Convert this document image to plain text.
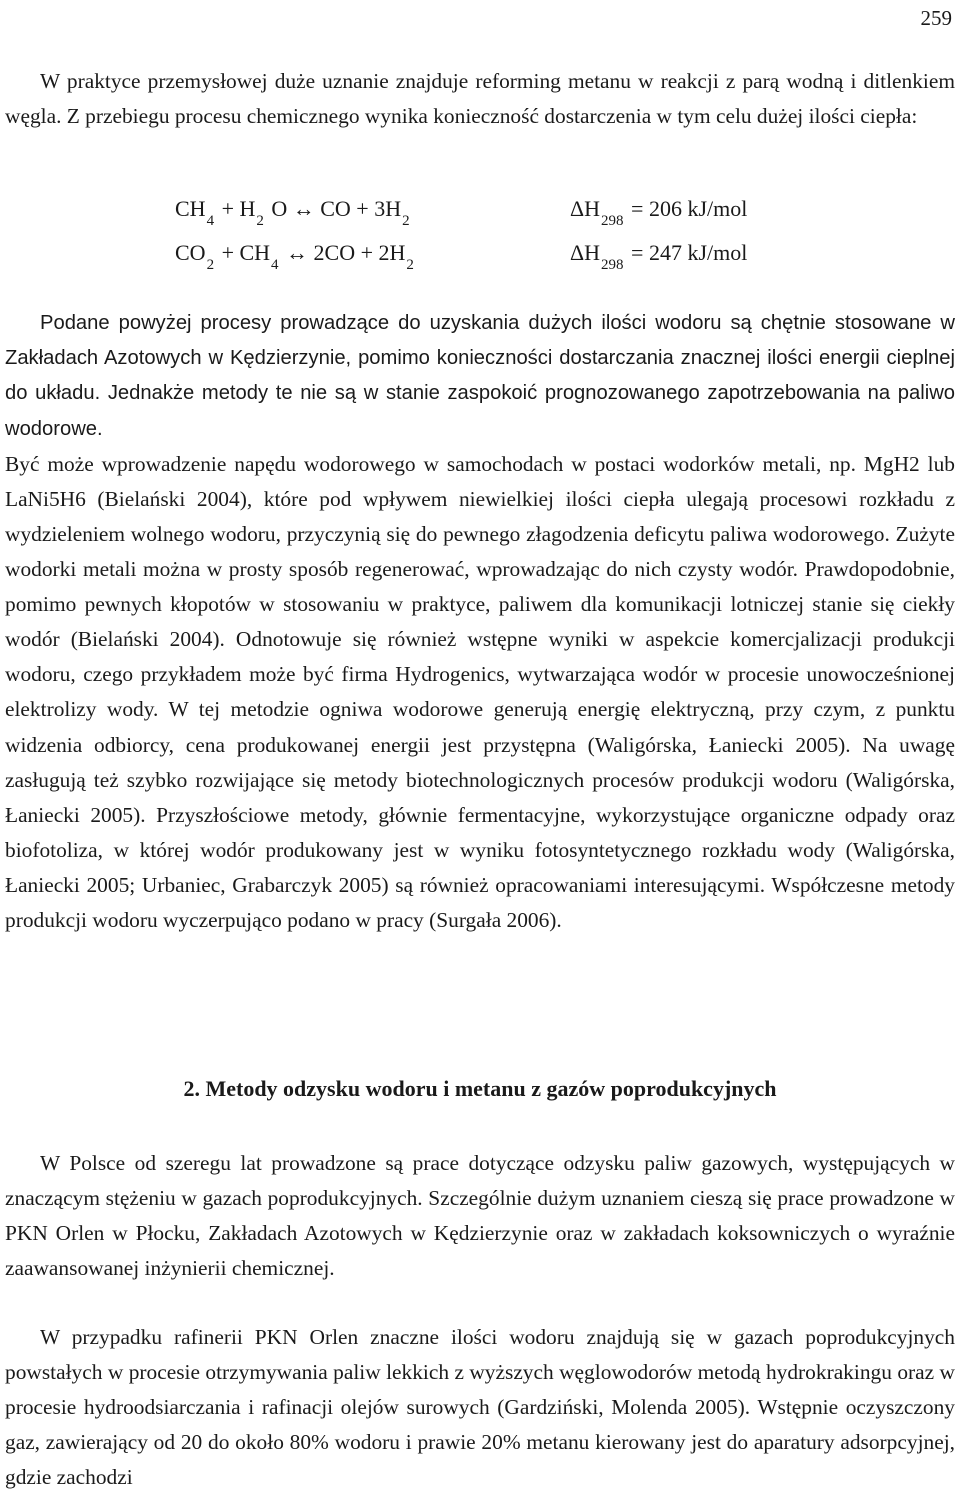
259

W praktyce przemysłowej duże uznanie znajduje reforming metanu w reakcji z parą wodną i ditlenkiem węgla. Z przebiegu procesu chemicznego wynika konieczność dostarczenia w tym celu dużej ilości ciepła:

$CH_4 + H_2$ O ↔ CO + $3H_2$	$\Delta H_{298} = 206$ kJ/mol
$CO_2 + CH_4$ ↔ $2CO + 2H_2$	$\Delta H_{298} = 247$ kJ/mol

Podane powyżej procesy prowadzące do uzyskania dużych ilości wodoru są chętnie stosowane w Zakładach Azotowych w Kędzierzynie, pomimo konieczności dostarczania znacznej ilości energii cieplnej do układu. Jednakże metody te nie są w stanie zaspokoić prognozowanego zapotrzebowania na paliwo wodorowe.

Być może wprowadzenie napędu wodorowego w samochodach w postaci wodorków metali, np. MgH2 lub LaNi5H6 (Bielański 2004), które pod wpływem niewielkiej ilości ciepła ulegają procesowi rozkładu z wydzieleniem wolnego wodoru, przyczynią się do pewnego złagodzenia deficytu paliwa wodorowego. Zużyte wodorki metali można w prosty sposób regenerować, wprowadzając do nich czysty wodór. Prawdopodobnie, pomimo pewnych kłopotów w stosowaniu w praktyce, paliwem dla komunikacji lotniczej stanie się ciekły wodór (Bielański 2004). Odnotowuje się również wstępne wyniki w aspekcie komercjalizacji produkcji wodoru, czego przykładem może być firma Hydrogenics, wytwarzająca wodór w procesie unowocześnionej elektrolizy wody. W tej metodzie ogniwa wodorowe generują energię elektryczną, przy czym, z punktu widzenia odbiorcy, cena produkowanej energii jest przystępna (Waligórska, Łaniecki 2005). Na uwagę zasługują też szybko rozwijające się metody biotechnologicznych procesów produkcji wodoru (Waligórska, Łaniecki 2005). Przyszłościowe metody, głównie fermentacyjne, wykorzystujące organiczne odpady oraz biofotoliza, w której wodór produkowany jest w wyniku fotosyntetycznego rozkładu wody (Waligórska, Łaniecki 2005; Urbaniec, Grabarczyk 2005) są również opracowaniami interesującymi. Współczesne metody produkcji wodoru wyczerpująco podano w pracy (Surgała 2006).

2. Metody odzysku wodoru i metanu z gazów poprodukcyjnych

W Polsce od szeregu lat prowadzone są prace dotyczące odzysku paliw gazowych, występujących w znaczącym stężeniu w gazach poprodukcyjnych. Szczególnie dużym uznaniem cieszą się prace prowadzone w PKN Orlen w Płocku, Zakładach Azotowych w Kędzierzynie oraz w zakładach koksowniczych o wyraźnie zaawansowanej inżynierii chemicznej.

W przypadku rafinerii PKN Orlen znaczne ilości wodoru znajdują się w gazach poprodukcyjnych powstałych w procesie otrzymywania paliw lekkich z wyższych węglowodorów metodą hydrokrakingu oraz w procesie hydroodsiarczania i rafinacji olejów surowych (Gardziński, Molenda 2005). Wstępnie oczyszczony gaz, zawierający od 20 do około 80% wodoru i prawie 20% metanu kierowany jest do aparatury adsorpcyjnej, gdzie zachodzi
